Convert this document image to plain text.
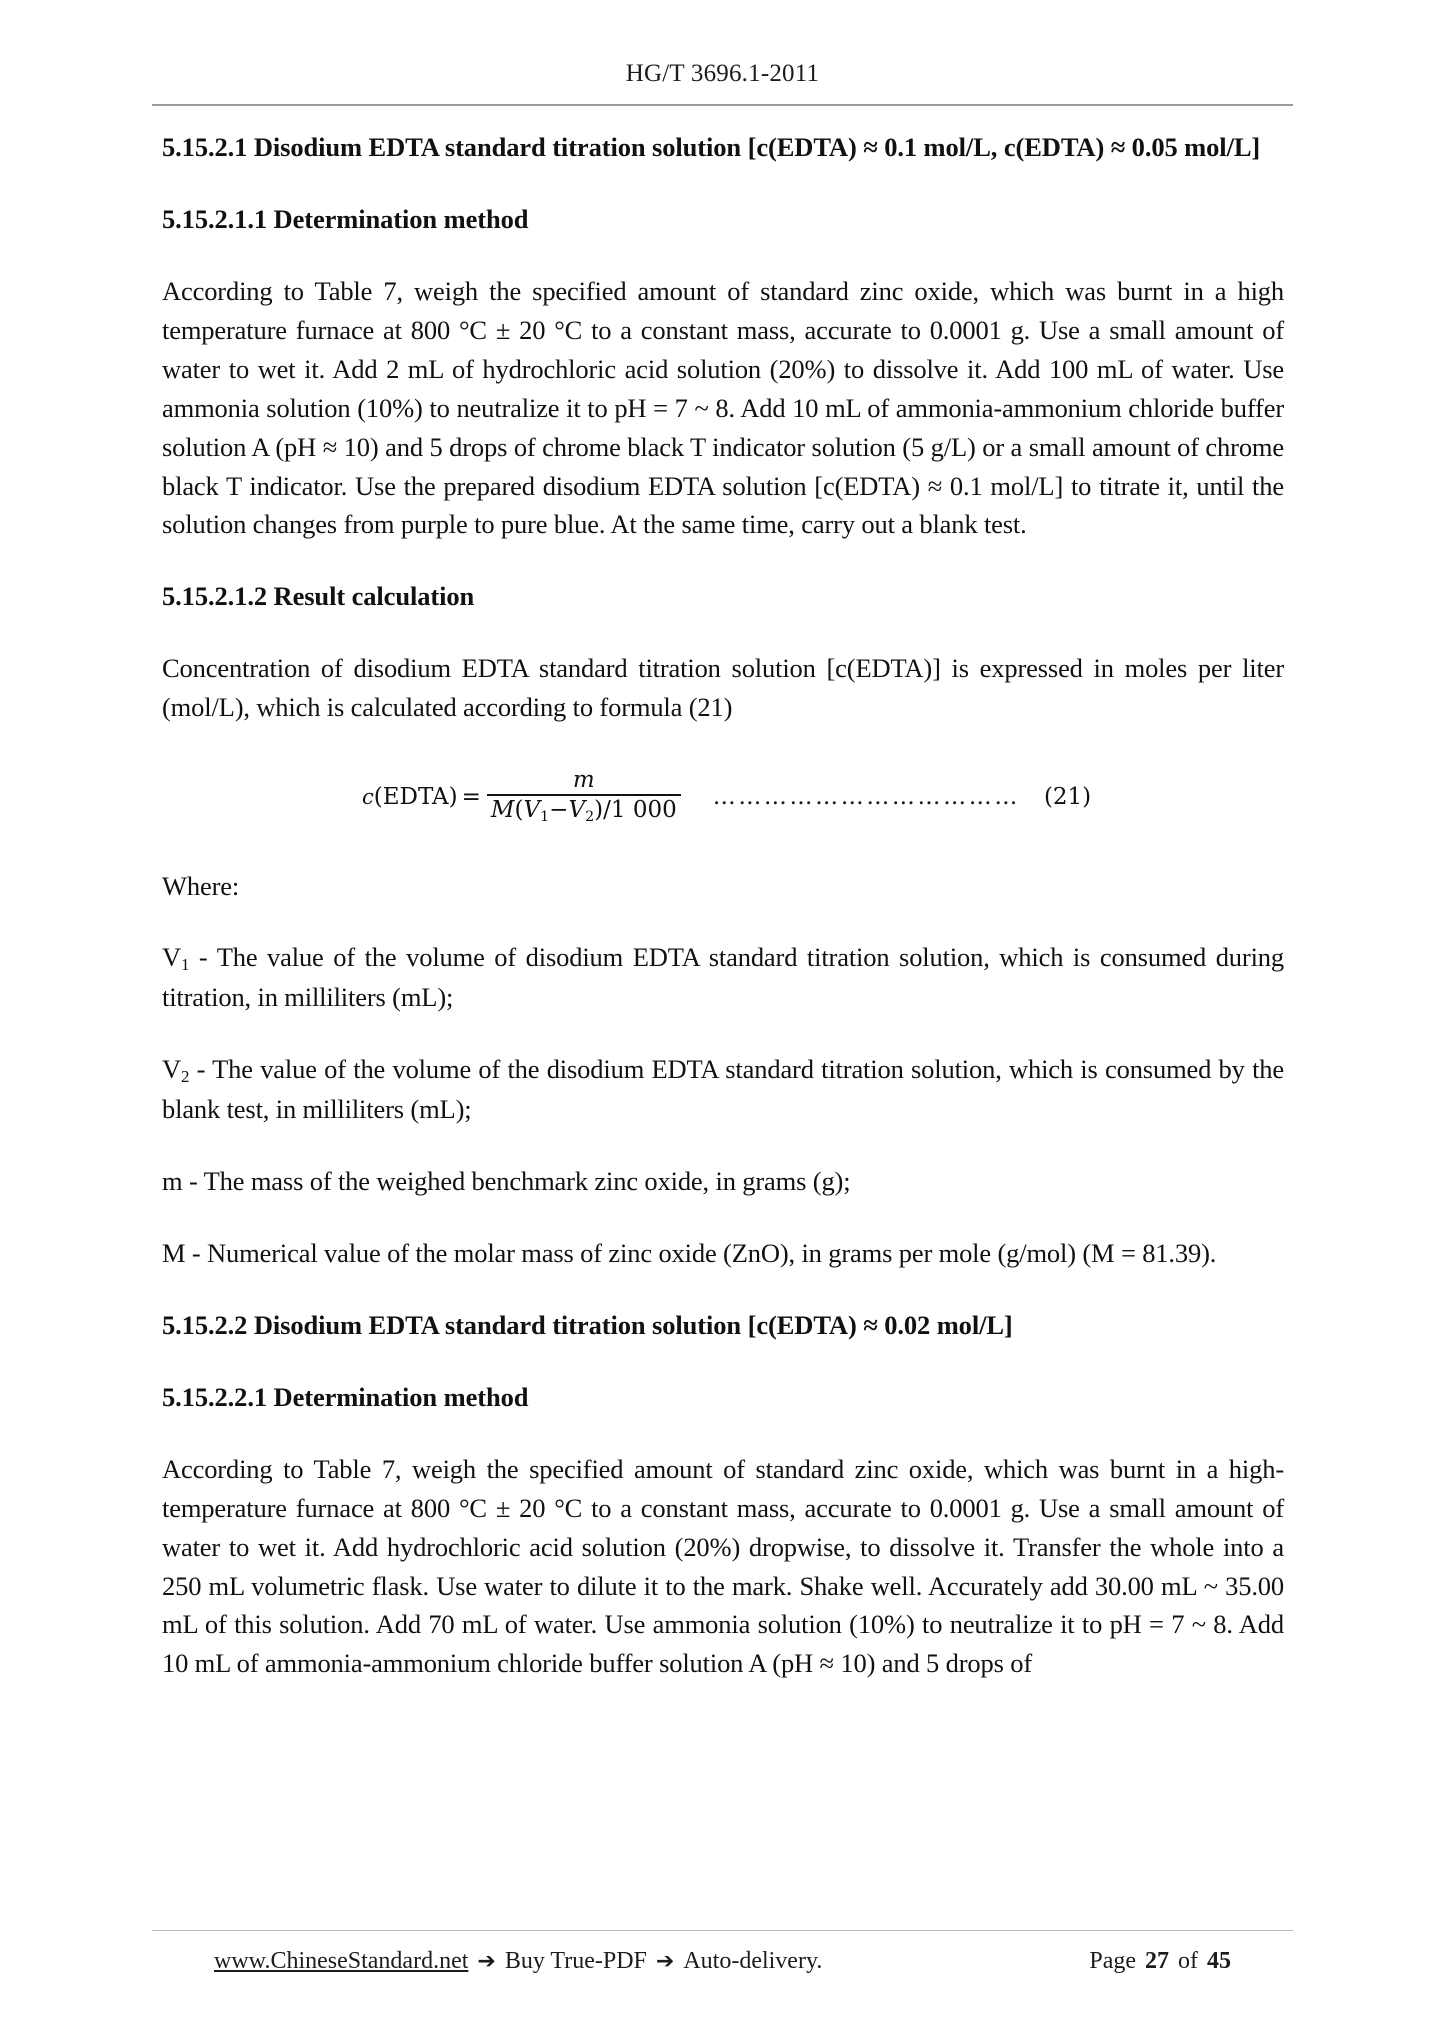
HG/T 3696.1-2011
5.15.2.1 Disodium EDTA standard titration solution [c(EDTA) ≈ 0.1 mol/L, c(EDTA) ≈ 0.05 mol/L]
5.15.2.1.1 Determination method

According to Table 7, weigh the specified amount of standard zinc oxide, which was burnt in a high temperature furnace at 800 °C ± 20 °C to a constant mass, accurate to 0.0001 g. Use a small amount of water to wet it. Add 2 mL of hydrochloric acid solution (20%) to dissolve it. Add 100 mL of water. Use ammonia solution (10%) to neutralize it to pH = 7 ~ 8. Add 10 mL of ammonia-ammonium chloride buffer solution A (pH ≈ 10) and 5 drops of chrome black T indicator solution (5 g/L) or a small amount of chrome black T indicator. Use the prepared disodium EDTA solution [c(EDTA) ≈ 0.1 mol/L] to titrate it, until the solution changes from purple to pure blue. At the same time, carry out a blank test.

5.15.2.1.2 Result calculation

Concentration of disodium EDTA standard titration solution [c(EDTA)] is expressed in moles per liter (mol/L), which is calculated according to formula (21)

c (EDTA) = $\frac{m}{M(V_1-V_2)/1 000}$ ……………………………… (21)

Where:

$V_1$ - The value of the volume of disodium EDTA standard titration solution, which is consumed during titration, in milliliters (mL);

$V_2$ - The value of the volume of the disodium EDTA standard titration solution, which is consumed by the blank test, in milliliters (mL);

m - The mass of the weighed benchmark zinc oxide, in grams (g);

M - Numerical value of the molar mass of zinc oxide (ZnO), in grams per mole (g/mol) (M = 81.39).

5.15.2.2 Disodium EDTA standard titration solution [c(EDTA) ≈ 0.02 mol/L]
5.15.2.2.1 Determination method

According to Table 7, weigh the specified amount of standard zinc oxide, which was burnt in a high-temperature furnace at 800 °C ± 20 °C to a constant mass, accurate to 0.0001 g. Use a small amount of water to wet it. Add hydrochloric acid solution (20%) dropwise, to dissolve it. Transfer the whole into a 250 mL volumetric flask. Use water to dilute it to the mark. Shake well. Accurately add 30.00 mL ~ 35.00 mL of this solution. Add 70 mL of water. Use ammonia solution (10%) to neutralize it to pH = 7 ~ 8. Add 10 mL of ammonia-ammonium chloride buffer solution A (pH ≈ 10) and 5 drops of

www.ChineseStandard.net ➔ Buy True-PDF ➔ Auto-delivery.	Page 27 of 45
